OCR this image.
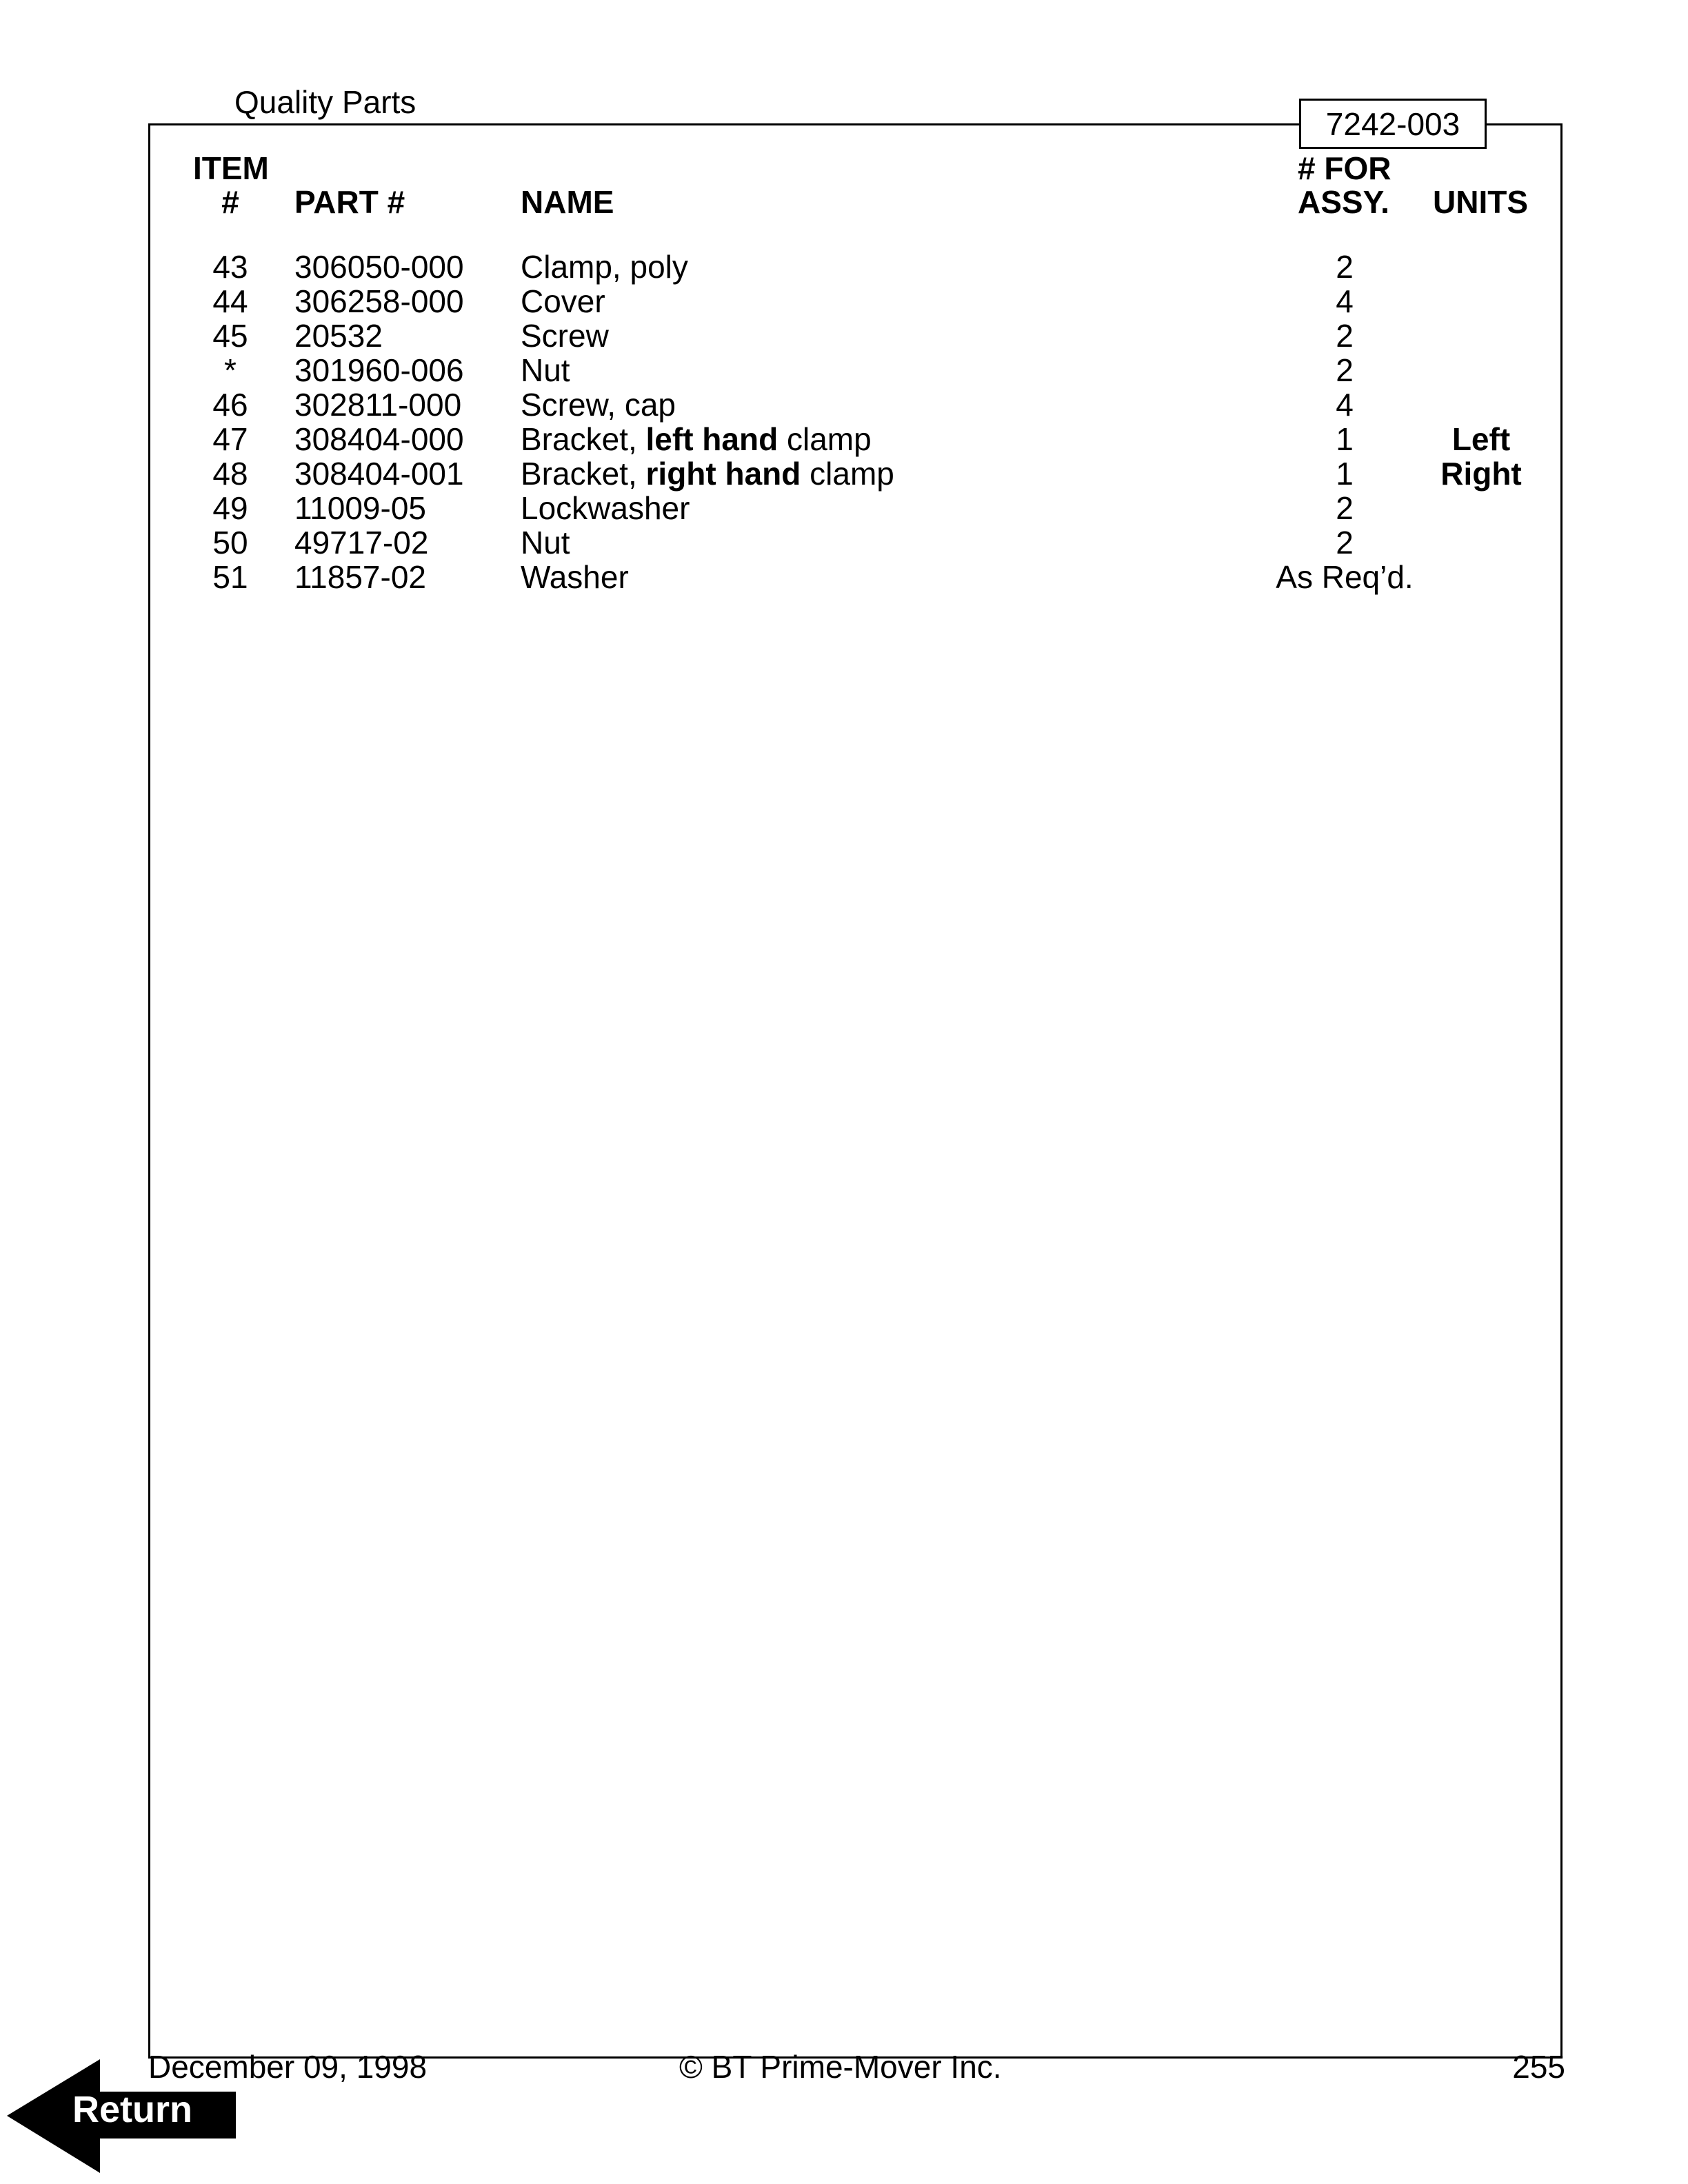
Quality Parts
7242-003
ITEM
#	PART #	NAME
# FOR
ASSY. UNITS
43	306050-000 Clamp, poly	2
44	306258-000 Cover	4
45	20532	Screw	2
*	301960-006 Nut	2
46	302811-000 Screw, cap	4
47	308404-000 Bracket, left hand clamp	1	Left
48	308404-001 Bracket, right hand clamp	1	Right
49	11009-05	Lockwasher	2
50	49717-02	Nut	2
51	11857-02	Washer	As Req’d.
December 09, 1998	© BT Prime-Mover Inc.	255
Return
